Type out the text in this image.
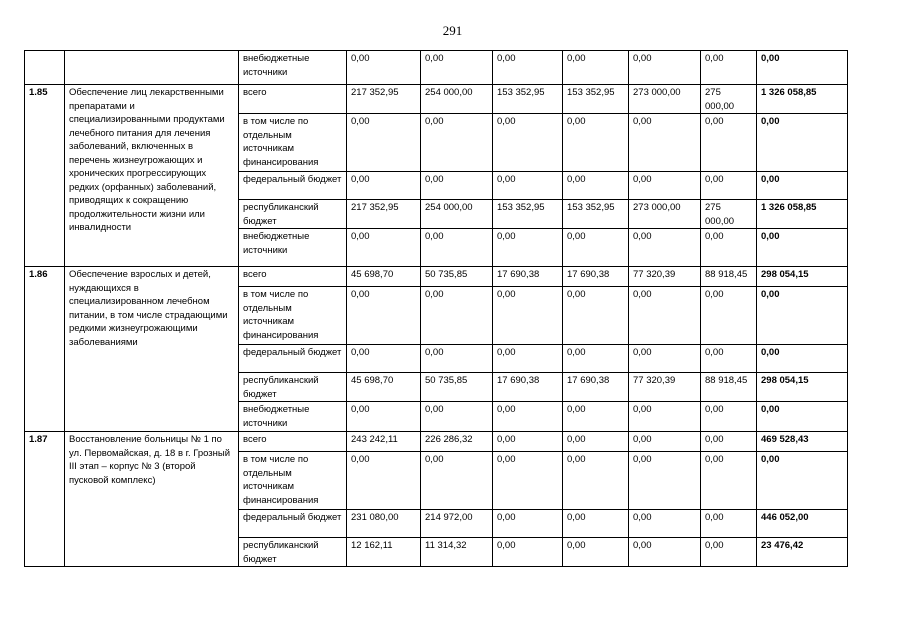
291
		внебюджетные источники	0,00	0,00	0,00	0,00	0,00	0,00	0,00
1.85	Обеспечение лиц лекарственными препаратами и специализированными продуктами лечебного питания для лечения заболеваний, включенных в перечень жизнеугрожающих и хронических прогрессирующих редких (орфанных) заболеваний, приводящих к сокращению продолжительности жизни или инвалидности	всего	217 352,95	254 000,00	153 352,95	153 352,95	273 000,00	275 000,00	1 326 058,85
		в том числе по отдельным источникам финансирования	0,00	0,00	0,00	0,00	0,00	0,00	0,00
		федеральный бюджет	0,00	0,00	0,00	0,00	0,00	0,00	0,00
		республиканский бюджет	217 352,95	254 000,00	153 352,95	153 352,95	273 000,00	275 000,00	1 326 058,85
		внебюджетные источники	0,00	0,00	0,00	0,00	0,00	0,00	0,00
1.86	Обеспечение взрослых и детей, нуждающихся в специализированном лечебном питании, в том числе страдающими редкими жизнеугрожающими заболеваниями	всего	45 698,70	50 735,85	17 690,38	17 690,38	77 320,39	88 918,45	298 054,15
		в том числе по отдельным источникам финансирования	0,00	0,00	0,00	0,00	0,00	0,00	0,00
		федеральный бюджет	0,00	0,00	0,00	0,00	0,00	0,00	0,00
		республиканский бюджет	45 698,70	50 735,85	17 690,38	17 690,38	77 320,39	88 918,45	298 054,15
		внебюджетные источники	0,00	0,00	0,00	0,00	0,00	0,00	0,00
1.87	Восстановление больницы № 1 по ул. Первомайская, д. 18 в г. Грозный III этап – корпус № 3 (второй пусковой комплекс)	всего	243 242,11	226 286,32	0,00	0,00	0,00	0,00	469 528,43
		в том числе по отдельным источникам финансирования	0,00	0,00	0,00	0,00	0,00	0,00	0,00
		федеральный бюджет	231 080,00	214 972,00	0,00	0,00	0,00	0,00	446 052,00
		республиканский бюджет	12 162,11	11 314,32	0,00	0,00	0,00	0,00	23 476,42
